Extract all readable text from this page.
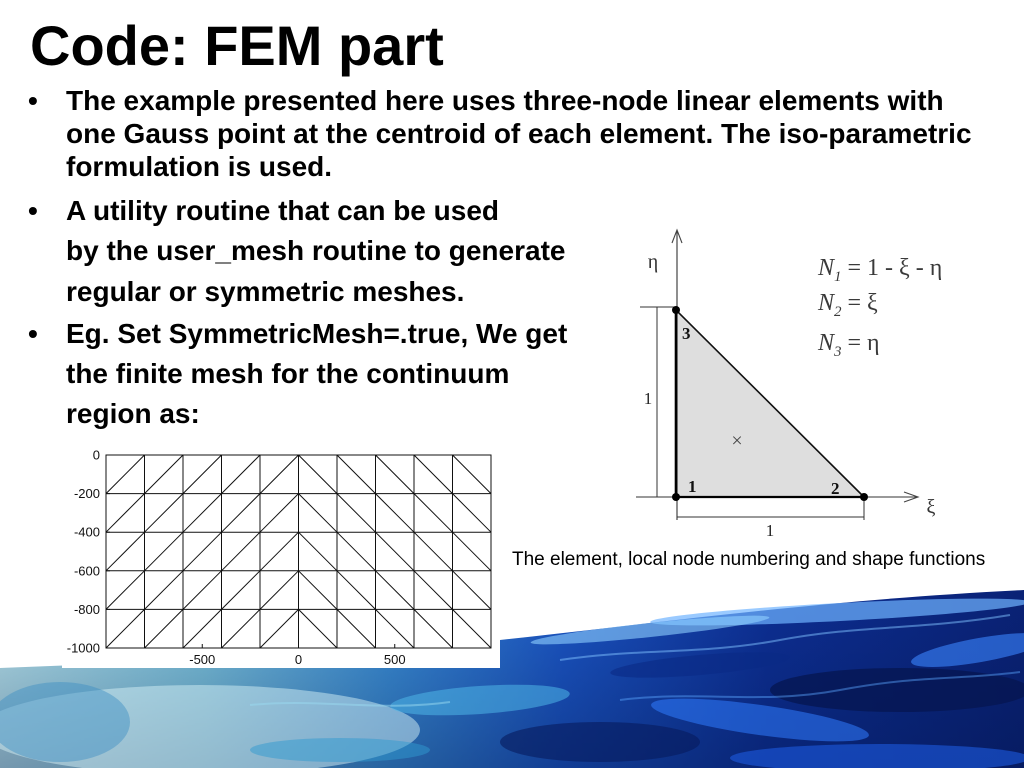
Code: FEM part
• The example presented here uses three-node linear elements with
one Gauss point at the centroid of each element. The iso-parametric
formulation is used.
• A utility routine that can be used
by the user_mesh routine to generate
regular or symmetric meshes.
• Eg. Set SymmetricMesh=.true, We get
the finite mesh for the continuum
region as:
-500	0	500
0
-200
-400
-600
-800
-1000
1	2
3
1
1
η
ξ
×
$N_1 = 1 - \xi - \eta$
$N_2 = \xi$
$N_3 = \eta$
The element, local node numbering and shape functions
